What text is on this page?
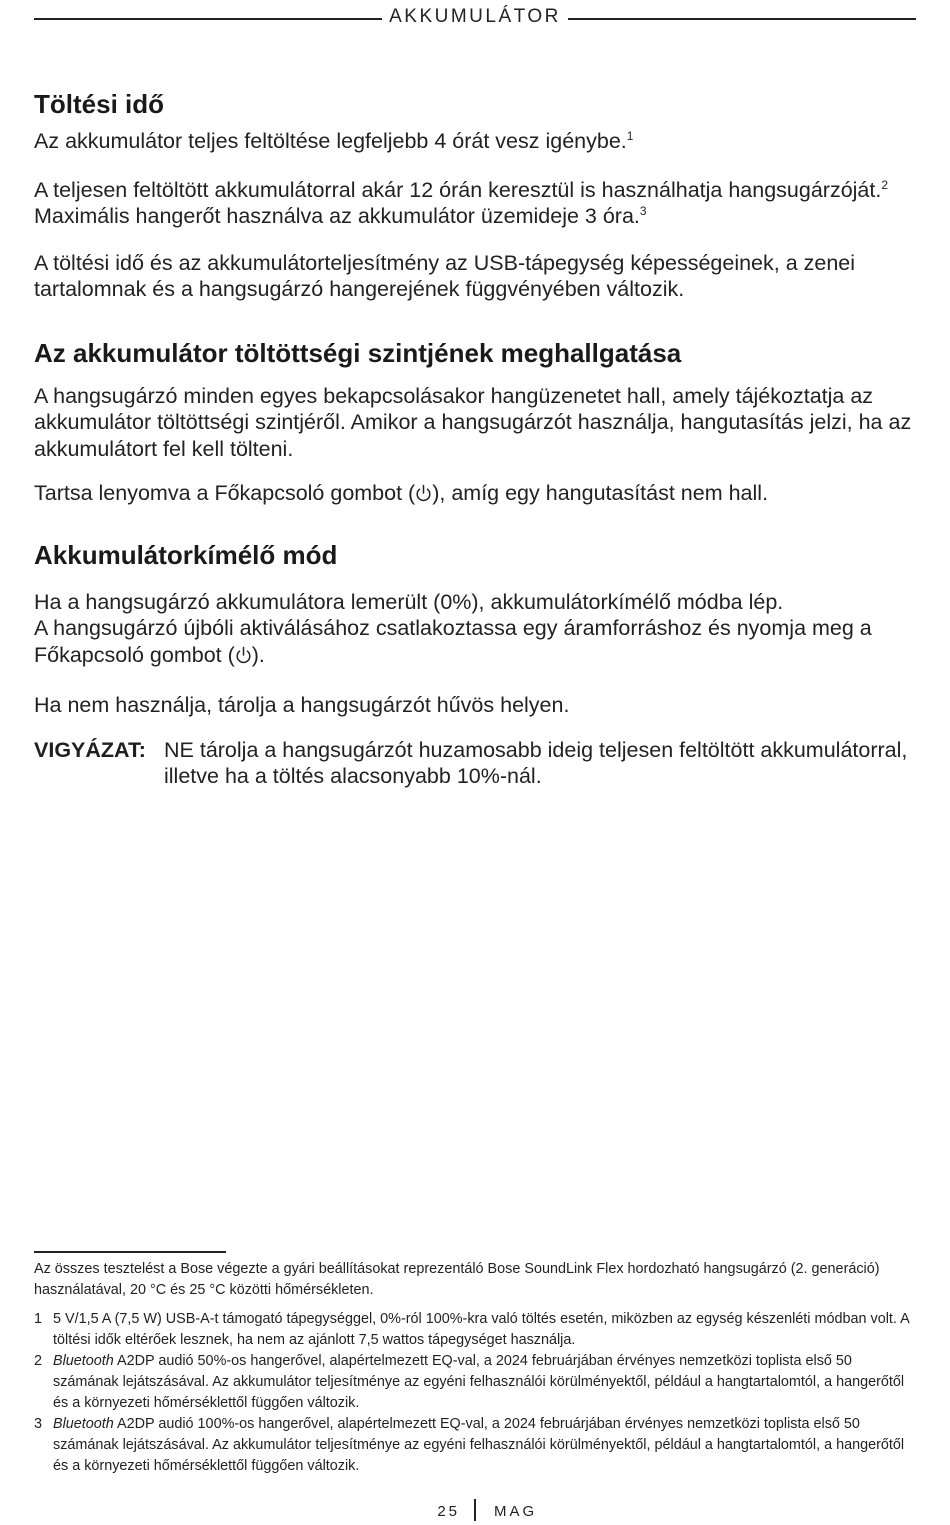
AKKUMULÁTOR
Töltési idő

Az akkumulátor teljes feltöltése legfeljebb 4 órát vesz igénybe.$^1$

A teljesen feltöltött akkumulátorral akár 12 órán keresztül is használhatja hangsugárzóját.$^2$ Maximális hangerőt használva az akkumulátor üzemideje 3 óra.$^3$

A töltési idő és az akkumulátorteljesítmény az USB-tápegység képességeinek, a zenei tartalomnak és a hangsugárzó hangerejének függvényében változik.

Az akkumulátor töltöttségi szintjének meghallgatása

A hangsugárzó minden egyes bekapcsolásakor hangüzenetet hall, amely tájékoztatja az akkumulátor töltöttségi szintjéről. Amikor a hangsugárzót használja, hangutasítás jelzi, ha az akkumulátort fel kell tölteni.

Tartsa lenyomva a Főkapcsoló gombot ( ), amíg egy hangutasítást nem hall.

Akkumulátorkímélő mód

Ha a hangsugárzó akkumulátora lemerült (0%), akkumulátorkímélő módba lép.
A hangsugárzó újbóli aktiválásához csatlakoztassa egy áramforráshoz és nyomja meg a Főkapcsoló gombot ( ).

Ha nem használja, tárolja a hangsugárzót hűvös helyen.

VIGYÁZAT: NE tárolja a hangsugárzót huzamosabb ideig teljesen feltöltött akkumulátorral, illetve ha a töltés alacsonyabb 10%-nál.

Az összes tesztelést a Bose végezte a gyári beállításokat reprezentáló Bose SoundLink Flex hordozható hangsugárzó (2. generáció) használatával, 20 °C és 25 °C közötti hőmérsékleten.

1 5 V/1,5 A (7,5 W) USB-A-t támogató tápegységgel, 0%-ról 100%-kra való töltés esetén, miközben az egység készenléti módban volt. A töltési idők eltérőek lesznek, ha nem az ajánlott 7,5 wattos tápegységet használja.
2 Bluetooth A2DP audió 50%-os hangerővel, alapértelmezett EQ-val, a 2024 februárjában érvényes nemzetközi toplista első 50 számának lejátszásával. Az akkumulátor teljesítménye az egyéni felhasználói körülményektől, például a hangtartalomtól, a hangerőtől és a környezeti hőmérséklettől függően változik.
3 Bluetooth A2DP audió 100%-os hangerővel, alapértelmezett EQ-val, a 2024 februárjában érvényes nemzetközi toplista első 50 számának lejátszásával. Az akkumulátor teljesítménye az egyéni felhasználói körülményektől, például a hangtartalomtól, a hangerőtől és a környezeti hőmérséklettől függően változik.
25 MAG
